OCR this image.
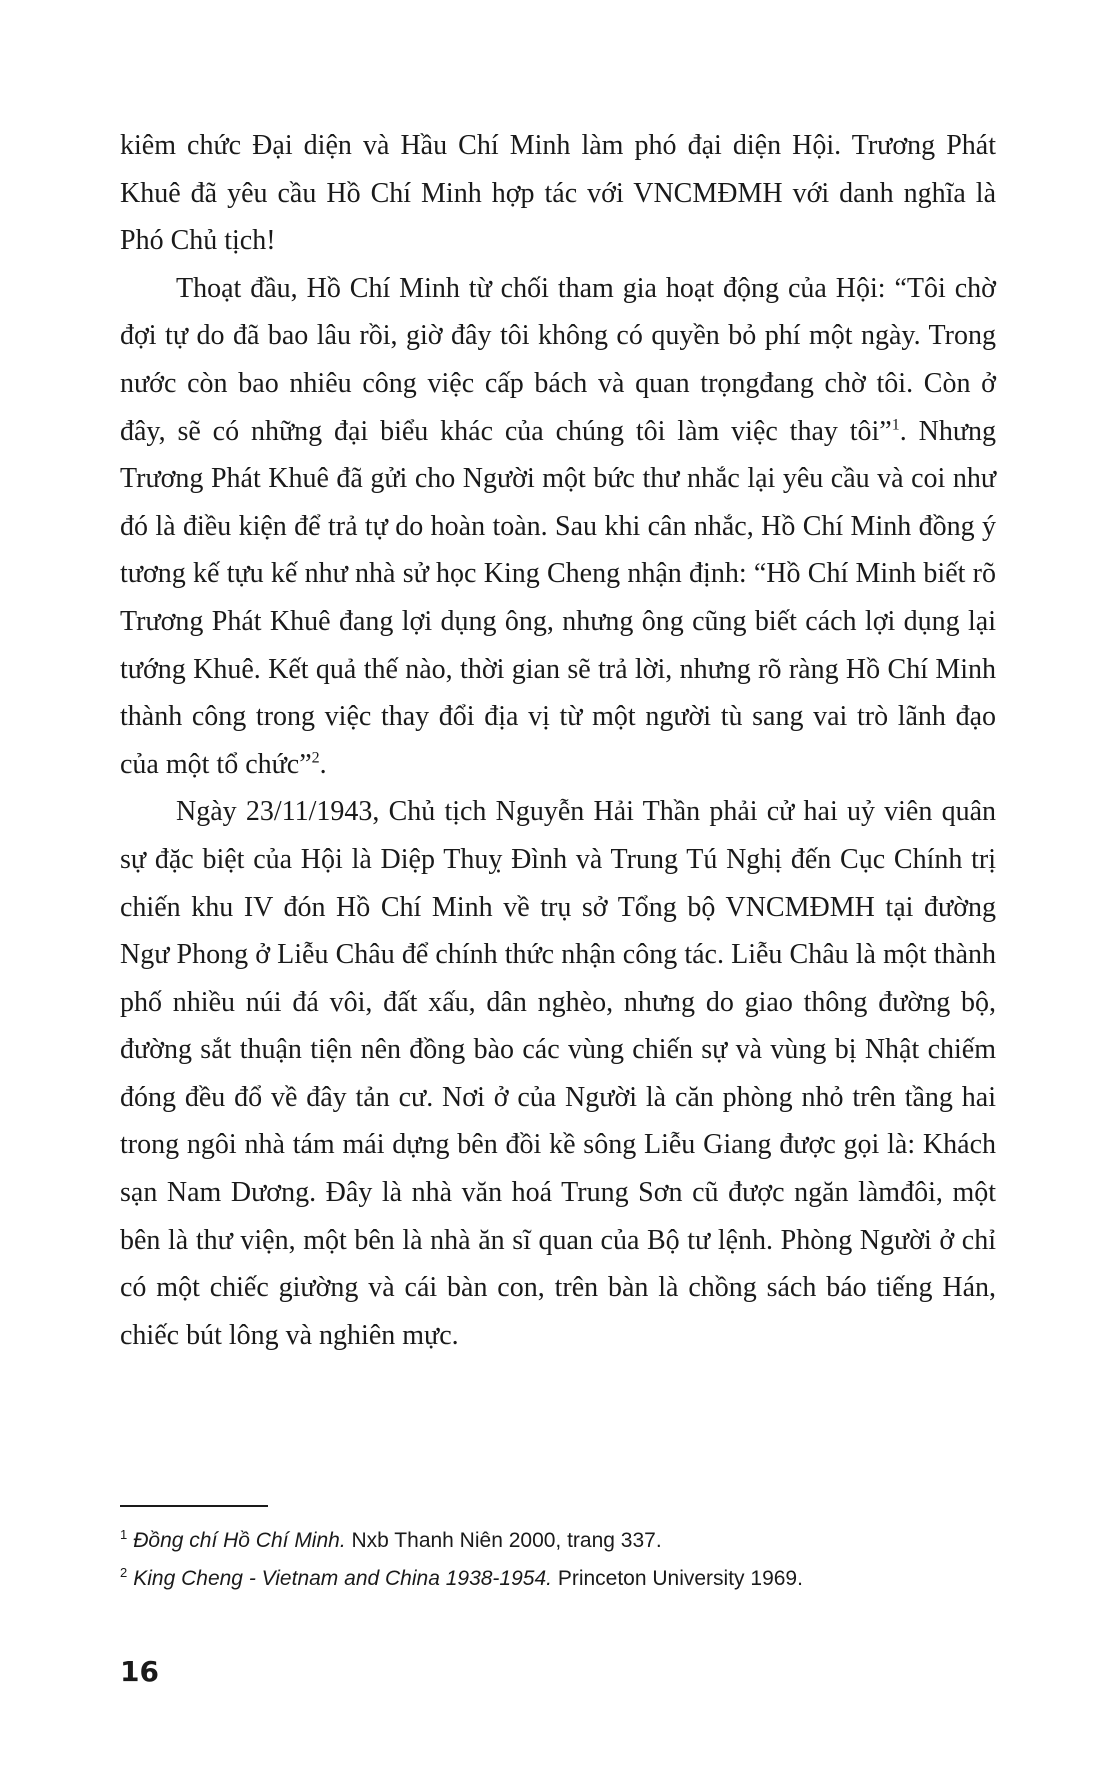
kiêm chức Đại diện và Hầu Chí Minh làm phó đại diện Hội. Trương Phát Khuê đã yêu cầu Hồ Chí Minh hợp tác với VNCMĐMH với danh nghĩa là Phó Chủ tịch!

Thoạt đầu, Hồ Chí Minh từ chối tham gia hoạt động của Hội: “Tôi chờ đợi tự do đã bao lâu rồi, giờ đây tôi không có quyền bỏ phí một ngày. Trong nước còn bao nhiêu công việc cấp bách và quan trọngđang chờ tôi. Còn ở đây, sẽ có những đại biểu khác của chúng tôi làm việc thay tôi”$^1$. Nhưng Trương Phát Khuê đã gửi cho Người một bức thư nhắc lại yêu cầu và coi như đó là điều kiện để trả tự do hoàn toàn. Sau khi cân nhắc, Hồ Chí Minh đồng ý tương kế tựu kế như nhà sử học King Cheng nhận định: “Hồ Chí Minh biết rõ Trương Phát Khuê đang lợi dụng ông, nhưng ông cũng biết cách lợi dụng lại tướng Khuê. Kết quả thế nào, thời gian sẽ trả lời, nhưng rõ ràng Hồ Chí Minh thành công trong việc thay đổi địa vị từ một người tù sang vai trò lãnh đạo của một tổ chức”$^2$.

Ngày 23/11/1943, Chủ tịch Nguyễn Hải Thần phải cử hai uỷ viên quân sự đặc biệt của Hội là Diệp Thuỵ Đình và Trung Tú Nghị đến Cục Chính trị chiến khu IV đón Hồ Chí Minh về trụ sở Tổng bộ VNCMĐMH tại đường Ngư Phong ở Liễu Châu để chính thức nhận công tác. Liễu Châu là một thành phố nhiều núi đá vôi, đất xấu, dân nghèo, nhưng do giao thông đường bộ, đường sắt thuận tiện nên đồng bào các vùng chiến sự và vùng bị Nhật chiếm đóng đều đổ về đây tản cư. Nơi ở của Người là căn phòng nhỏ trên tầng hai trong ngôi nhà tám mái dựng bên đồi kề sông Liễu Giang được gọi là: Khách sạn Nam Dương. Đây là nhà văn hoá Trung Sơn cũ được ngăn làmđôi, một bên là thư viện, một bên là nhà ăn sĩ quan của Bộ tư lệnh. Phòng Người ở chỉ có một chiếc giường và cái bàn con, trên bàn là chồng sách báo tiếng Hán, chiếc bút lông và nghiên mực.

$^1$ Đồng chí Hồ Chí Minh. Nxb Thanh Niên 2000, trang 337.

$^2$ King Cheng - Vietnam and China 1938-1954. Princeton University 1969.

16
